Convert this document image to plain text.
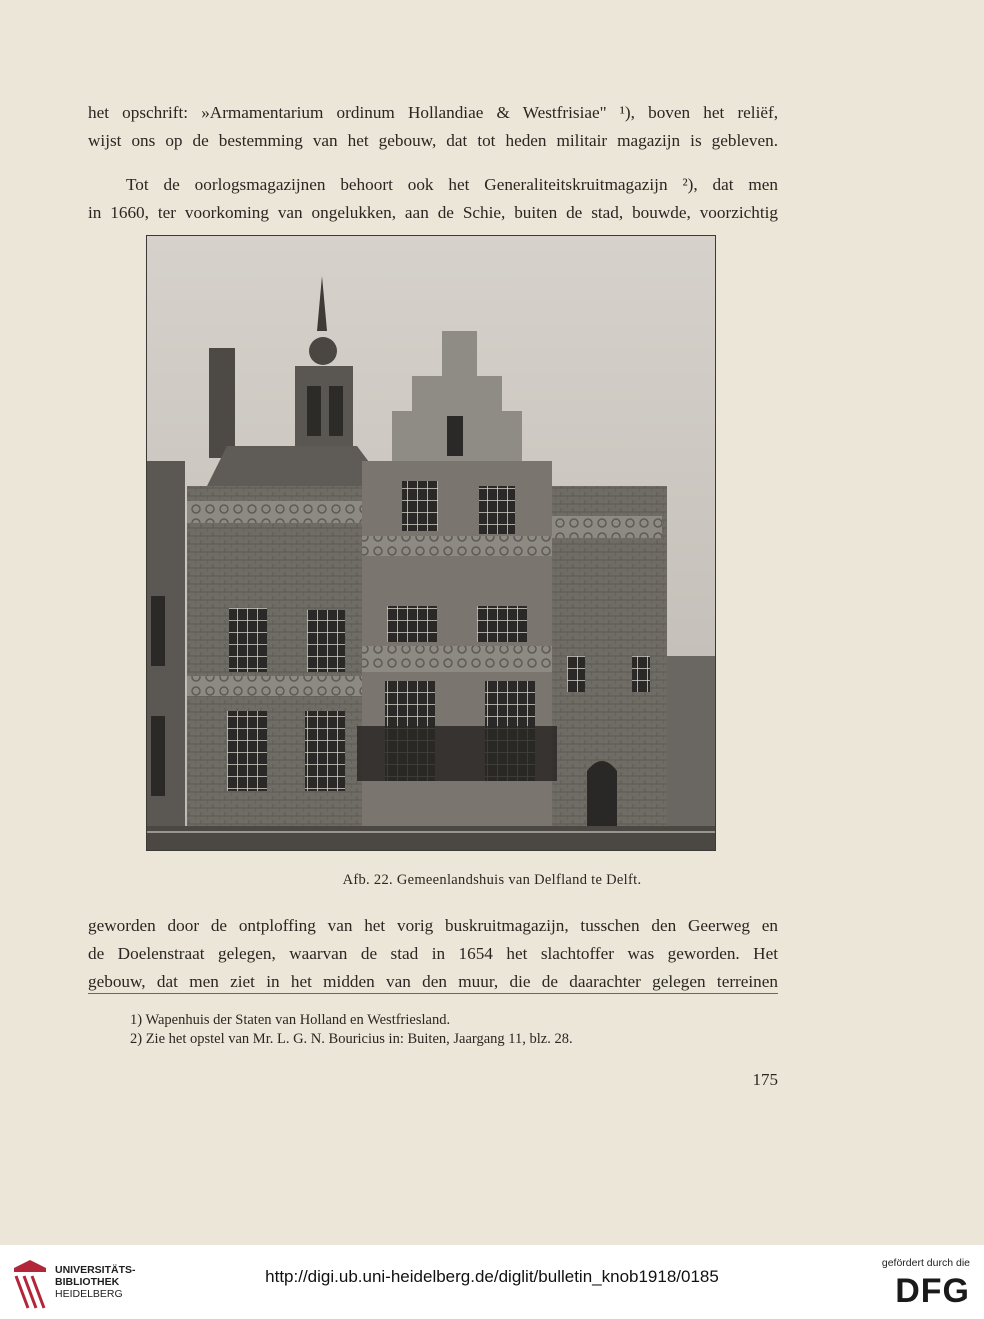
het opschrift: »Armamentarium ordinum Hollandiae & Westfrisiae" ¹), boven het reliëf,
wijst ons op de bestemming van het gebouw, dat tot heden militair magazijn is gebleven.
Tot de oorlogsmagazijnen behoort ook het Generaliteitskruitmagazijn ²), dat men
in 1660, ter voorkoming van ongelukken, aan de Schie, buiten de stad, bouwde, voorzichtig
Afb. 22. Gemeenlandshuis van Delfland te Delft.
geworden door de ontploffing van het vorig buskruitmagazijn, tusschen den Geerweg en
de Doelenstraat gelegen, waarvan de stad in 1654 het slachtoffer was geworden. Het
gebouw, dat men ziet in het midden van den muur, die de daarachter gelegen terreinen
1) Wapenhuis der Staten van Holland en Westfriesland.
2) Zie het opstel van Mr. L. G. N. Bouricius in: Buiten, Jaargang 11, blz. 28.
175
UNIVERSITÄTS-
BIBLIOTHEK
HEIDELBERG
http://digi.ub.uni-heidelberg.de/diglit/bulletin_knob1918/0185
gefördert durch die
DFG
